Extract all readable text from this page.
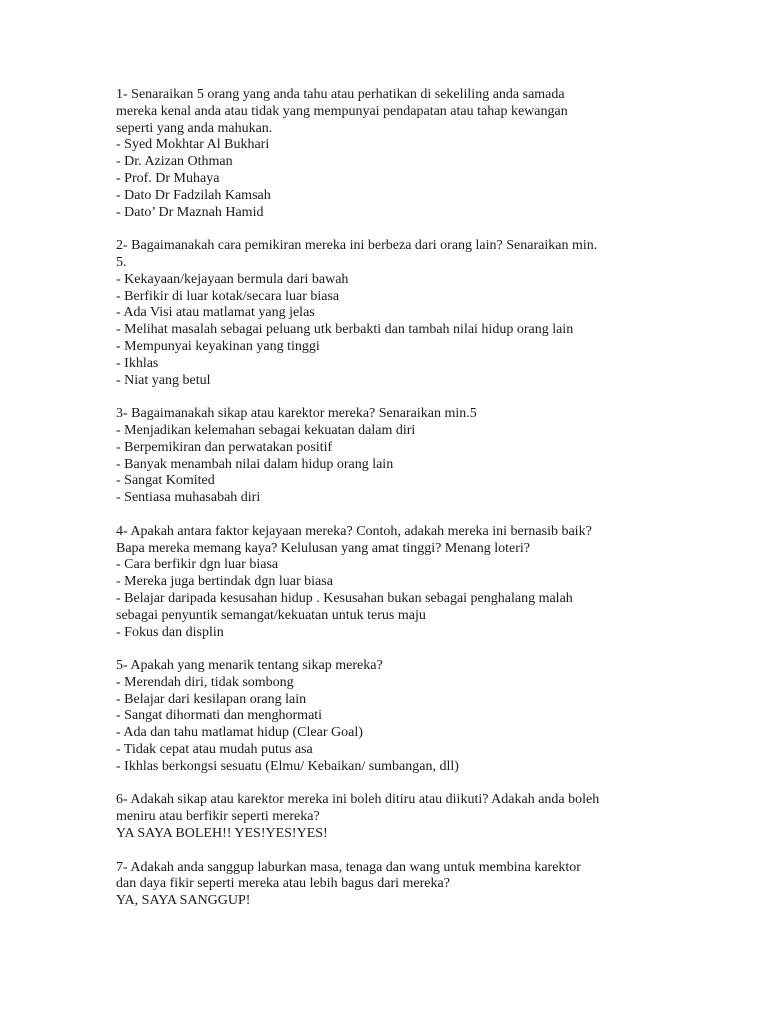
1- Senaraikan 5 orang yang anda tahu atau perhatikan di sekeliling anda samada
mereka kenal anda atau tidak yang mempunyai pendapatan atau tahap kewangan
seperti yang anda mahukan.
- Syed Mokhtar Al Bukhari
- Dr. Azizan Othman
- Prof. Dr Muhaya
- Dato Dr Fadzilah Kamsah
- Dato’ Dr Maznah Hamid
2- Bagaimanakah cara pemikiran mereka ini berbeza dari orang lain? Senaraikan min.
5.
- Kekayaan/kejayaan bermula dari bawah
- Berfikir di luar kotak/secara luar biasa
- Ada Visi atau matlamat yang jelas
- Melihat masalah sebagai peluang utk berbakti dan tambah nilai hidup orang lain
- Mempunyai keyakinan yang tinggi
- Ikhlas
- Niat yang betul
3- Bagaimanakah sikap atau karektor mereka? Senaraikan min.5
- Menjadikan kelemahan sebagai kekuatan dalam diri
- Berpemikiran dan perwatakan positif
- Banyak menambah nilai dalam hidup orang lain
- Sangat Komited
- Sentiasa muhasabah diri
4- Apakah antara faktor kejayaan mereka? Contoh, adakah mereka ini bernasib baik?
Bapa mereka memang kaya? Kelulusan yang amat tinggi? Menang loteri?
- Cara berfikir dgn luar biasa
- Mereka juga bertindak dgn luar biasa
- Belajar daripada kesusahan hidup . Kesusahan bukan sebagai penghalang malah
sebagai penyuntik semangat/kekuatan untuk terus maju
- Fokus dan displin
5- Apakah yang menarik tentang sikap mereka?
- Merendah diri, tidak sombong
- Belajar dari kesilapan orang lain
- Sangat dihormati dan menghormati
- Ada dan tahu matlamat hidup (Clear Goal)
- Tidak cepat atau mudah putus asa
- Ikhlas berkongsi sesuatu (Elmu/ Kebaikan/ sumbangan, dll)
6- Adakah sikap atau karektor mereka ini boleh ditiru atau diikuti? Adakah anda boleh
meniru atau berfikir seperti mereka?
YA SAYA BOLEH!! YES!YES!YES!
7- Adakah anda sanggup laburkan masa, tenaga dan wang untuk membina karektor
dan daya fikir seperti mereka atau lebih bagus dari mereka?
YA, SAYA SANGGUP!
